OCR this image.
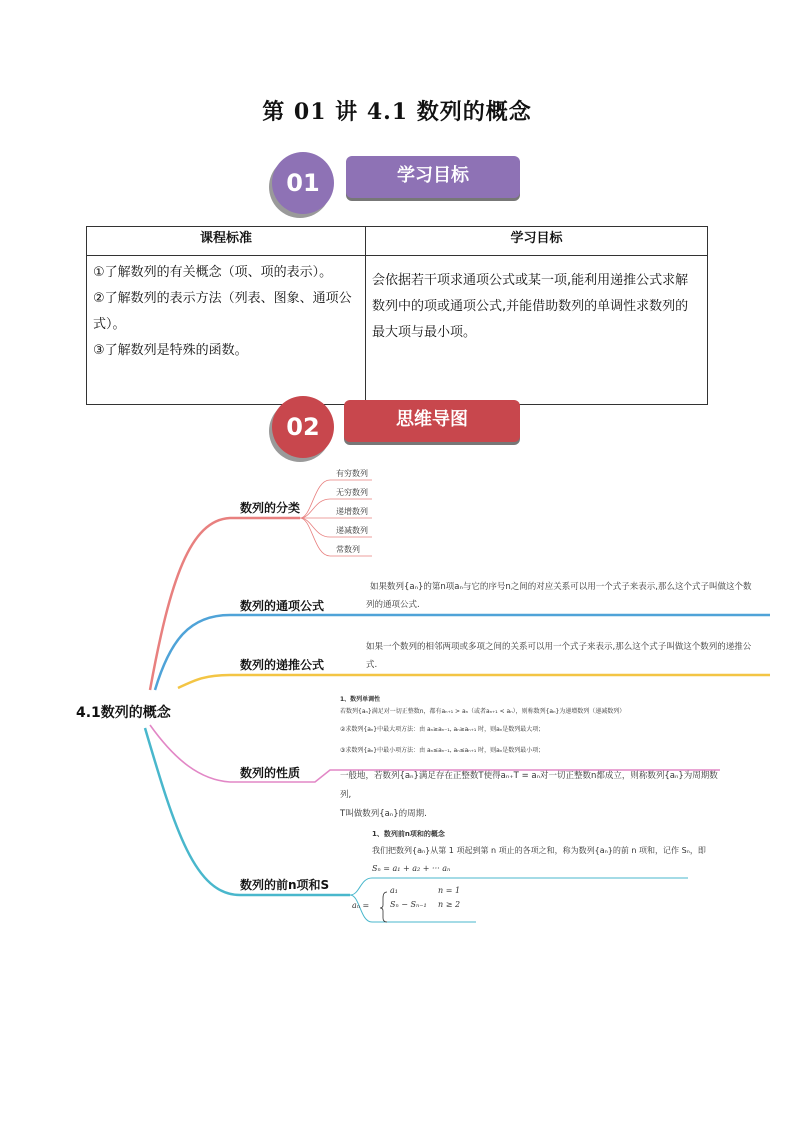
第 01 讲 4.1 数列的概念
学习目标
01
课程标准	学习目标

①了解数列的有关概念（项、项的表示）。
②了解数列的表示方法（列表、图象、通项公式）。
③了解数列是特殊的函数。	会依据若干项求通项公式或某一项,能利用递推公式求解数列中的项或通项公式,并能借助数列的单调性求数列的最大项与最小项。
思维导图
02
4.1数列的概念
数列的分类
数列的通项公式
数列的递推公式
数列的性质
数列的前n项和S
有穷数列
无穷数列
递增数列
递减数列
常数列
如果数列{aₙ}的第n项aₙ与它的序号n之间的对应关系可以用一个式子来表示,那么这个式子叫做这个数
列的通项公式.
如果一个数列的相邻两项或多项之间的关系可以用一个式子来表示,那么这个式子叫做这个数列的递推公
式.
1、数列单调性
若数列{aₙ}满足对一切正整数n，都有aₙ₊₁ > aₙ（或者aₙ₊₁ < aₙ），则称数列{aₙ}为递增数列（递减数列）
②求数列{aₙ}中最大项方法：由 aₙ≥aₙ₋₁, aₙ≥aₙ₊₁ 时，则aₙ是数列最大项；
③求数列{aₙ}中最小项方法：由 aₙ≤aₙ₋₁, aₙ≤aₙ₊₁ 时，则aₙ是数列最小项；
一般地，若数列{aₙ}满足存在正整数T使得aₙ₊T = aₙ对一切正整数n都成立，则称数列{aₙ}为周期数列,
T叫做数列{aₙ}的周期.
1、数列前n项和的概念
我们把数列{aₙ}从第 1 项起到第 n 项止的各项之和，称为数列{aₙ}的前 n 项和，记作 Sₙ，即
Sₙ = a₁ + a₂ + ··· aₙ
aₙ =
a₁	n = 1
Sₙ − Sₙ₋₁ n ≥ 2
